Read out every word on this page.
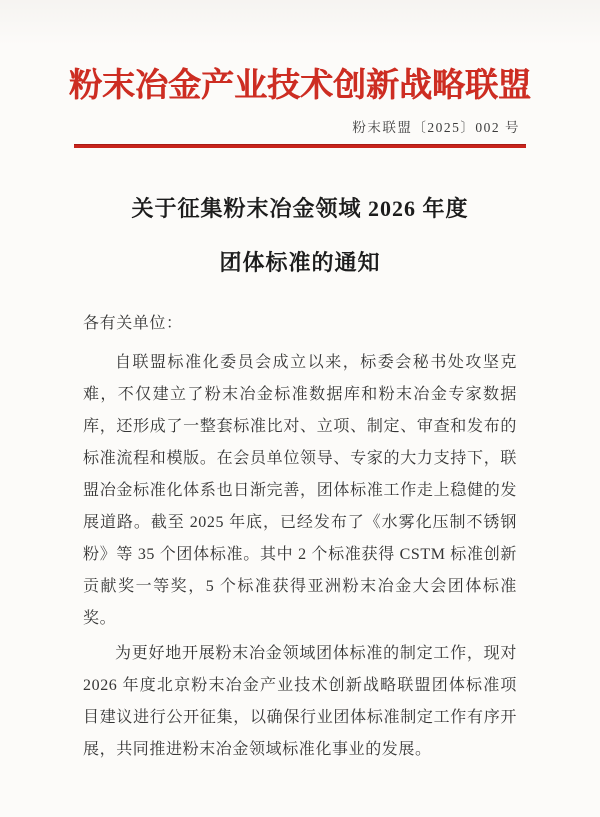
粉末冶金产业技术创新战略联盟
粉末联盟〔2025〕002 号
关于征集粉末冶金领域 2026 年度
团体标准的通知

各有关单位：

自联盟标准化委员会成立以来，标委会秘书处攻坚克难，不仅建立了粉末冶金标准数据库和粉末冶金专家数据库，还形成了一整套标准比对、立项、制定、审查和发布的标准流程和模版。在会员单位领导、专家的大力支持下，联盟冶金标准化体系也日渐完善，团体标准工作走上稳健的发展道路。截至 2025 年底，已经发布了《水雾化压制不锈钢粉》等 35 个团体标准。其中 2 个标准获得 CSTM 标准创新贡献奖一等奖，5 个标准获得亚洲粉末冶金大会团体标准奖。

为更好地开展粉末冶金领域团体标准的制定工作，现对 2026 年度北京粉末冶金产业技术创新战略联盟团体标准项目建议进行公开征集，以确保行业团体标准制定工作有序开展，共同推进粉末冶金领域标准化事业的发展。
